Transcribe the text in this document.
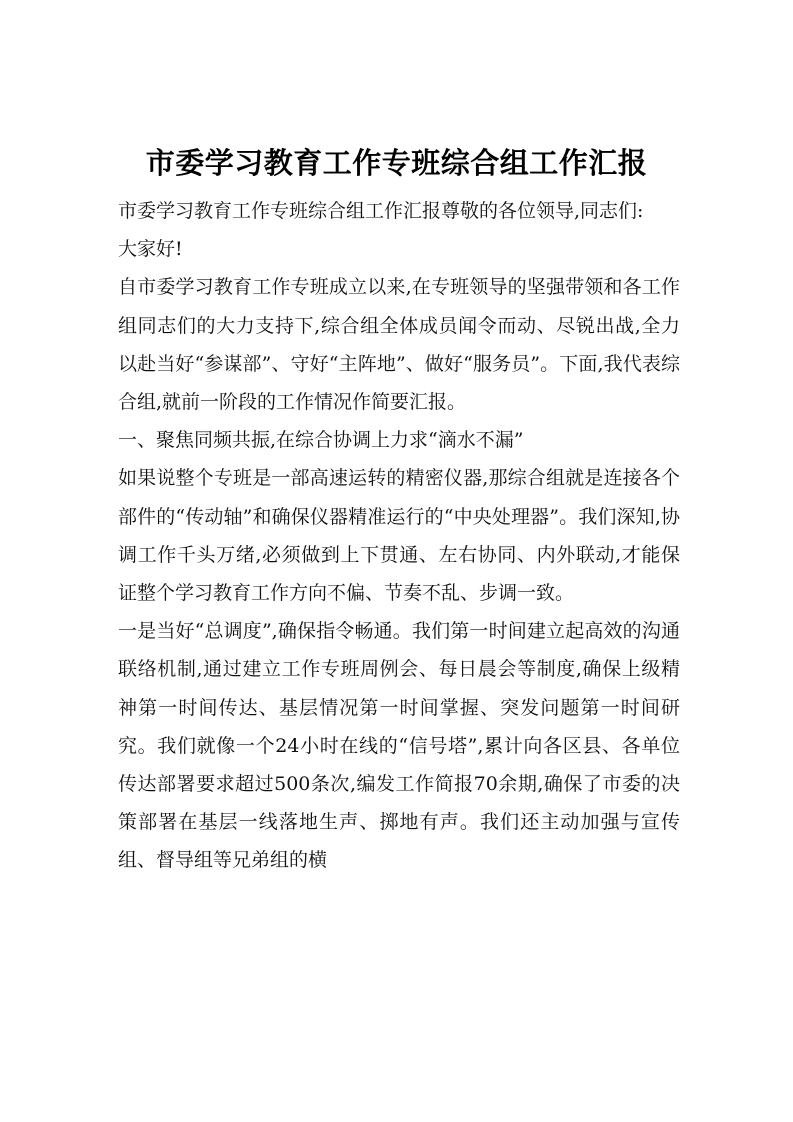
市委学习教育工作专班综合组工作汇报

市委学习教育工作专班综合组工作汇报尊敬的各位领导,同志们:

大家好!

自市委学习教育工作专班成立以来,在专班领导的坚强带领和各工作组同志们的大力支持下,综合组全体成员闻令而动、尽锐出战,全力以赴当好“参谋部”、守好“主阵地”、做好“服务员”。下面,我代表综合组,就前一阶段的工作情况作简要汇报。

一、聚焦同频共振,在综合协调上力求“滴水不漏”

如果说整个专班是一部高速运转的精密仪器,那综合组就是连接各个部件的“传动轴”和确保仪器精准运行的“中央处理器”。我们深知,协调工作千头万绪,必须做到上下贯通、左右协同、内外联动,才能保证整个学习教育工作方向不偏、节奏不乱、步调一致。

一是当好“总调度”,确保指令畅通。我们第一时间建立起高效的沟通联络机制,通过建立工作专班周例会、每日晨会等制度,确保上级精神第一时间传达、基层情况第一时间掌握、突发问题第一时间研究。我们就像一个24小时在线的“信号塔”,累计向各区县、各单位传达部署要求超过500条次,编发工作简报70余期,确保了市委的决策部署在基层一线落地生声、掷地有声。我们还主动加强与宣传组、督导组等兄弟组的横
